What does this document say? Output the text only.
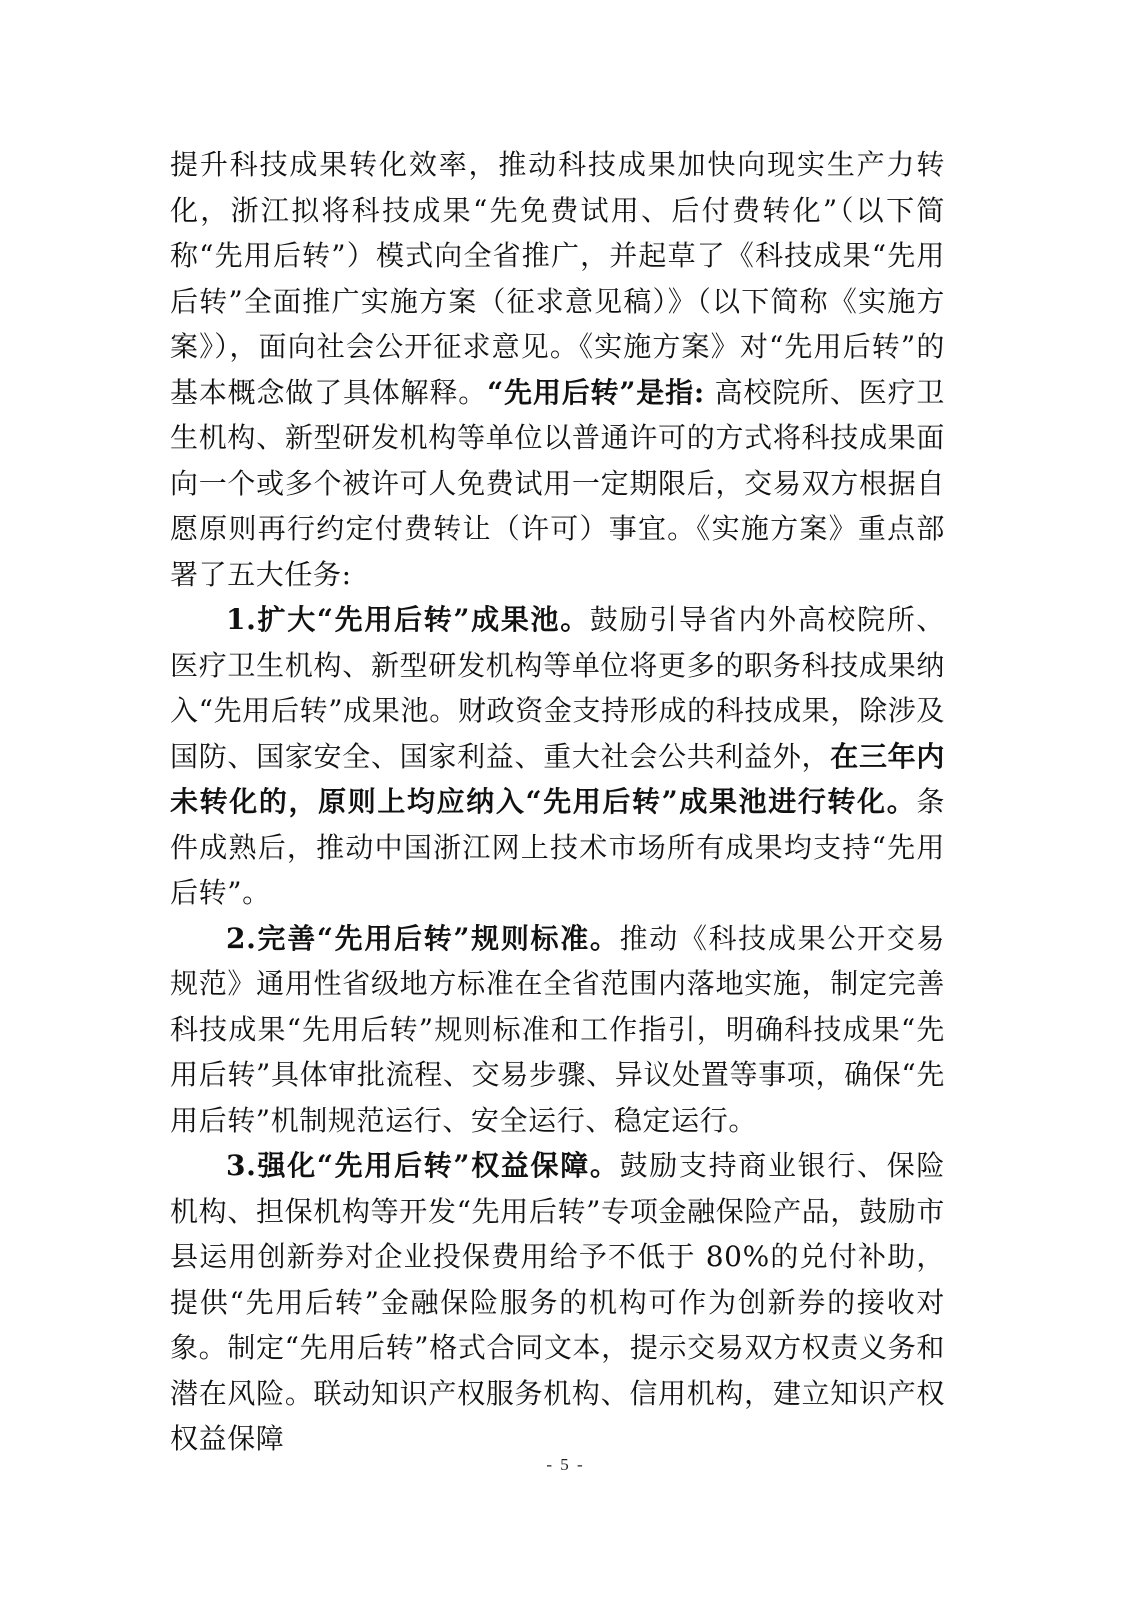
提升科技成果转化效率，推动科技成果加快向现实生产力转化，浙江拟将科技成果“先免费试用、后付费转化”（以下简称“先用后转”）模式向全省推广，并起草了《科技成果“先用后转”全面推广实施方案（征求意见稿）》（以下简称《实施方案》），面向社会公开征求意见。《实施方案》对“先用后转”的基本概念做了具体解释。“先用后转”是指: 高校院所、医疗卫生机构、新型研发机构等单位以普通许可的方式将科技成果面向一个或多个被许可人免费试用一定期限后，交易双方根据自愿原则再行约定付费转让（许可）事宜。《实施方案》重点部署了五大任务:

1.扩大“先用后转”成果池。鼓励引导省内外高校院所、医疗卫生机构、新型研发机构等单位将更多的职务科技成果纳入“先用后转”成果池。财政资金支持形成的科技成果，除涉及国防、国家安全、国家利益、重大社会公共利益外，在三年内未转化的，原则上均应纳入“先用后转”成果池进行转化。条件成熟后，推动中国浙江网上技术市场所有成果均支持“先用后转”。

2.完善“先用后转”规则标准。推动《科技成果公开交易规范》通用性省级地方标准在全省范围内落地实施，制定完善科技成果“先用后转”规则标准和工作指引，明确科技成果“先用后转”具体审批流程、交易步骤、异议处置等事项，确保“先用后转”机制规范运行、安全运行、稳定运行。

3.强化“先用后转”权益保障。鼓励支持商业银行、保险机构、担保机构等开发“先用后转”专项金融保险产品，鼓励市县运用创新券对企业投保费用给予不低于 80%的兑付补助，提供“先用后转”金融保险服务的机构可作为创新券的接收对象。制定“先用后转”格式合同文本，提示交易双方权责义务和潜在风险。联动知识产权服务机构、信用机构，建立知识产权权益保障

- 5 -
